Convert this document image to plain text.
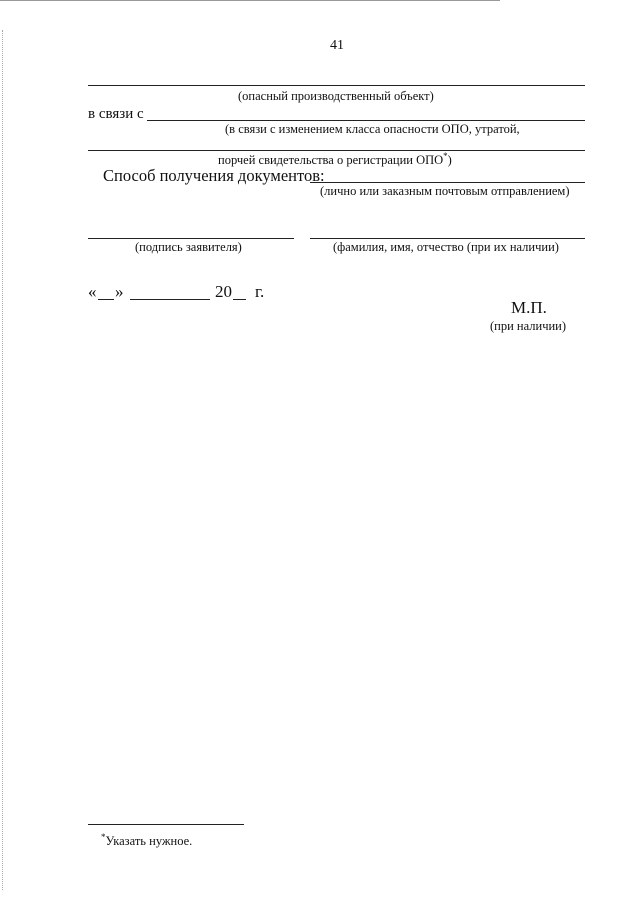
41
(опасный производственный объект)
в связи с
(в связи с изменением класса опасности ОПО, утратой,
порчей свидетельства о регистрации ОПО*)
Способ получения документов:
(лично или заказным почтовым отправлением)
(подпись заявителя)	(фамилия, имя, отчество (при их наличии)
« »	20 г.
М.П.
(при наличии)
*Указать нужное.
